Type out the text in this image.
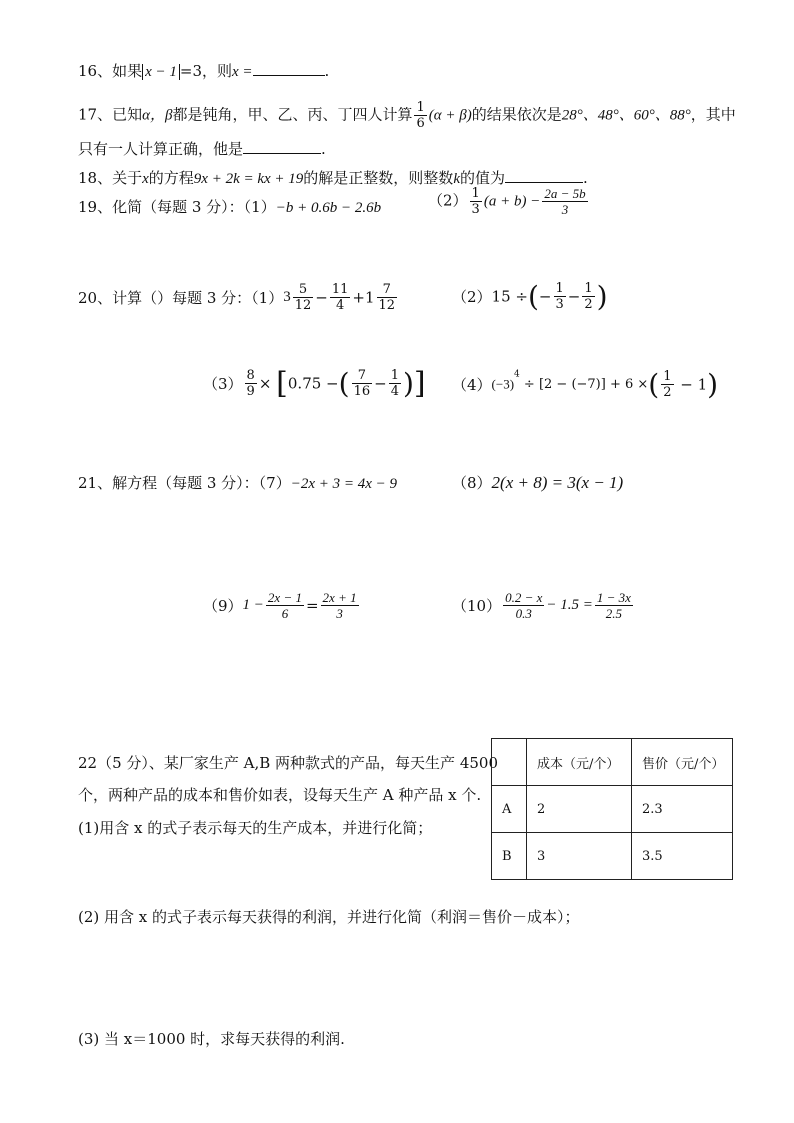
16、如果 x − 1 =3，则x =	.
17、已知α，β都是钝角，甲、乙、丙、丁四人计算 $\frac{1}{6} (\alpha + \beta)$的结果依次是28°、48°、60°、88°，其中
只有一人计算正确，他是	.
18、关于x的方程9x + 2k = kx + 19的解是正整数，则整数k的值为	.
19、化简（每题 3 分）：（1）−b + 0.6b − 2.6b	$(2) \frac{1}{3} (a + b) - \frac{2a - 5b}{3}$
20、计算（）每题 3 分：$(1)3 \frac{5}{12} - \frac{11}{4} +1 \frac{7}{12}$	（2）15 ÷(− $\frac{1}{3} - \frac{1}{2}$ )
$(3) \frac{8}{9} \times [0.75$ −( $\frac{7}{16} - \frac{1}{4}$ )] $(4)(-3)^4 \div [2 - (-7)] + 6$ ×( $\frac{1}{2} - 1$)
21、解方程（每题 3 分）：（7）−2x + 3 = 4x − 9	（8）2(x + 8) = 3(x − 1)
$(9)1 - \frac{2x - 1}{6} = \frac{2x + 1}{3}$	$(10) \frac{0.2 - x}{0.3} - 1.5 = \frac{1 - 3x}{2.5}$
22（5 分）、某厂家生产 A,B 两种款式的产品，每天生产 4500
个，两种产品的成本和售价如表，设每天生产 A 种产品 x 个.
(1)用含 x 的式子表示每天的生产成本，并进行化简；
	成本（元/个）	售价（元/个）
A	2	2.3
B	3	3.5
(2) 用含 x 的式子表示每天获得的利润，并进行化简（利润＝售价－成本）；
(3) 当 x＝1000 时，求每天获得的利润.
